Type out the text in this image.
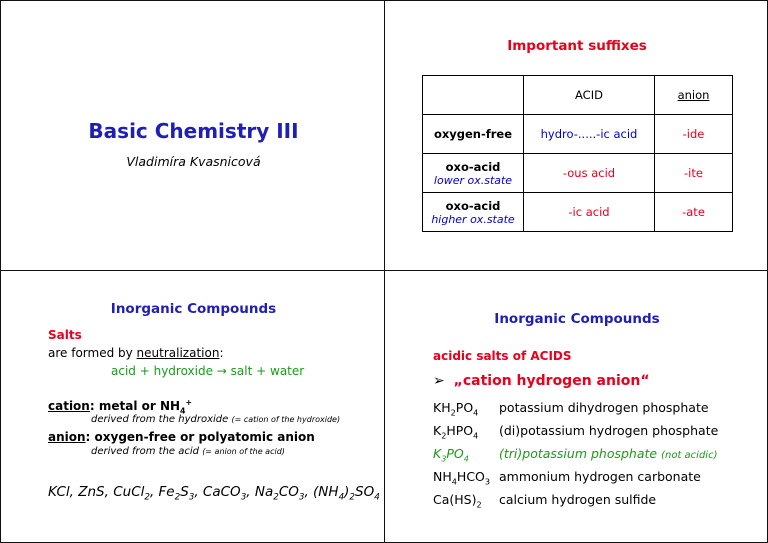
Basic Chemistry III
Vladimíra Kvasnicová
Important suffixes
	ACID	anion
oxygen-free	hydro-.....-ic acid	-ide

oxo-acid
lower ox.state	-ous acid	-ite

oxo-acid
higher ox.state	-ic acid	-ate
Inorganic Compounds
Salts
are formed by neutralization:
acid + hydroxide → salt + water
cation: metal or $NH_4^+$
derived from the hydroxide (= cation of the hydroxide)
anion: oxygen-free or polyatomic anion
derived from the acid (= anion of the acid)
KCl, ZnS, CuCl$_2$, $Fe_2S_3$, CaCO$_3$, $Na_2CO_3$, $(NH_4)_2SO_4$
Inorganic Compounds
acidic salts of ACIDS
➢ „cation hydrogen anion“
$KH_2PO_4$ potassium dihydrogen phosphate
$K_2HPO_4$ (di)potassium hydrogen phosphate
$K_3PO_4$ (tri)potassium phosphate (not acidic)
$NH_4HCO_3$ ammonium hydrogen carbonate
$Ca(HS)_2$ calcium hydrogen sulfide
